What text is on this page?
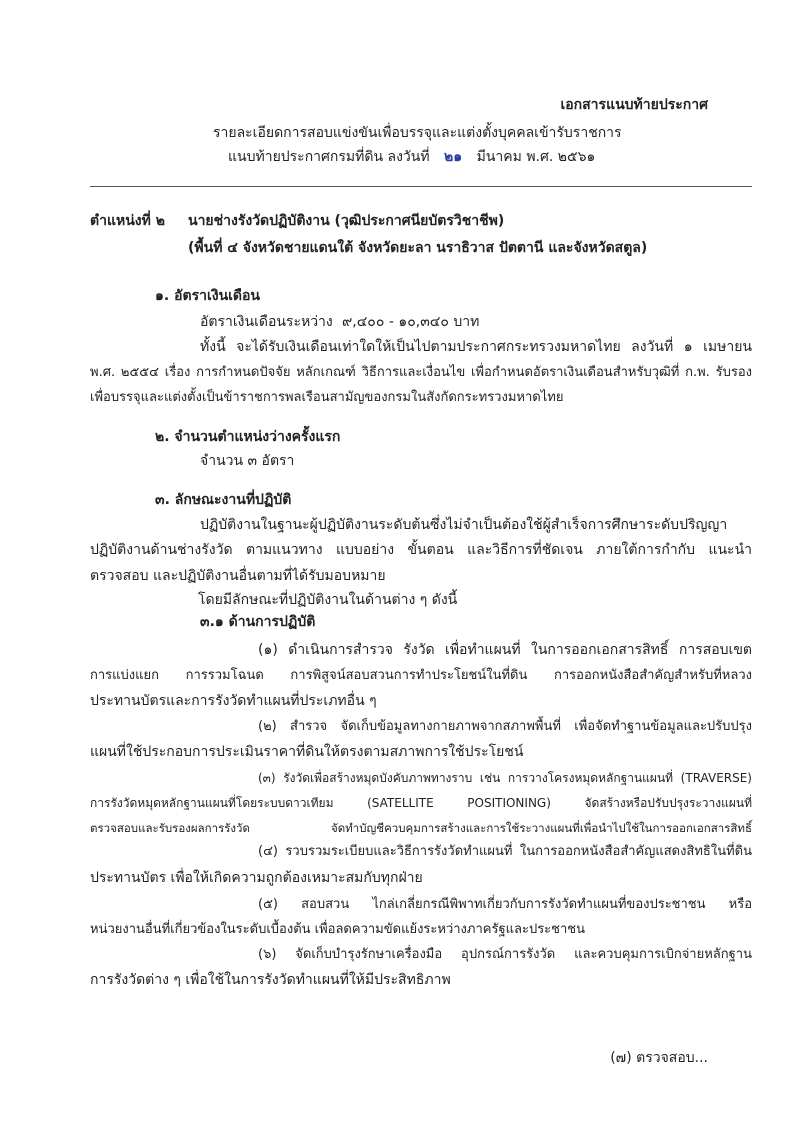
เอกสารแนบท้ายประกาศ
รายละเอียดการสอบแข่งขันเพื่อบรรจุและแต่งตั้งบุคคลเข้ารับราชการ
แนบท้ายประกาศกรมที่ดิน ลงวันที่ ๒๑ มีนาคม พ.ศ. ๒๕๖๑
ตำแหน่งที่ ๒ นายช่างรังวัดปฏิบัติงาน (วุฒิประกาศนียบัตรวิชาชีพ)
(พื้นที่ ๔ จังหวัดชายแดนใต้ จังหวัดยะลา นราธิวาส ปัตตานี และจังหวัดสตูล)
๑. อัตราเงินเดือน
อัตราเงินเดือนระหว่าง ๙,๔๐๐ - ๑๐,๓๔๐ บาท
ทั้งนี้ จะได้รับเงินเดือนเท่าใดให้เป็นไปตามประกาศกระทรวงมหาดไทย ลงวันที่ ๑ เมษายน
พ.ศ. ๒๕๕๔ เรื่อง การกำหนดปัจจัย หลักเกณฑ์ วิธีการและเงื่อนไข เพื่อกำหนดอัตราเงินเดือนสำหรับวุฒิที่ ก.พ. รับรอง
เพื่อบรรจุและแต่งตั้งเป็นข้าราชการพลเรือนสามัญของกรมในสังกัดกระทรวงมหาดไทย
๒. จำนวนตำแหน่งว่างครั้งแรก
จำนวน ๓ อัตรา
๓. ลักษณะงานที่ปฏิบัติ
ปฏิบัติงานในฐานะผู้ปฏิบัติงานระดับต้นซึ่งไม่จำเป็นต้องใช้ผู้สำเร็จการศึกษาระดับปริญญา
ปฏิบัติงานด้านช่างรังวัด ตามแนวทาง แบบอย่าง ขั้นตอน และวิธีการที่ชัดเจน ภายใต้การกำกับ แนะนำ
ตรวจสอบ และปฏิบัติงานอื่นตามที่ได้รับมอบหมาย
โดยมีลักษณะที่ปฏิบัติงานในด้านต่าง ๆ ดังนี้
๓.๑ ด้านการปฏิบัติ
(๑) ดำเนินการสำรวจ รังวัด เพื่อทำแผนที่ ในการออกเอกสารสิทธิ์ การสอบเขต
การแบ่งแยก การรวมโฉนด การพิสูจน์สอบสวนการทำประโยชน์ในที่ดิน การออกหนังสือสำคัญสำหรับที่หลวง
ประทานบัตรและการรังวัดทำแผนที่ประเภทอื่น ๆ
(๒) สำรวจ จัดเก็บข้อมูลทางกายภาพจากสภาพพื้นที่ เพื่อจัดทำฐานข้อมูลและปรับปรุง
แผนที่ใช้ประกอบการประเมินราคาที่ดินให้ตรงตามสภาพการใช้ประโยชน์
(๓) รังวัดเพื่อสร้างหมุดบังคับภาพทางราบ เช่น การวางโครงหมุดหลักฐานแผนที่ (TRAVERSE)
การรังวัดหมุดหลักฐานแผนที่โดยระบบดาวเทียม (SATELLITE POSITIONING) จัดสร้างหรือปรับปรุงระวางแผนที่
ตรวจสอบและรับรองผลการรังวัด จัดทำบัญชีควบคุมการสร้างและการใช้ระวางแผนที่เพื่อนำไปใช้ในการออกเอกสารสิทธิ์
(๔) รวบรวมระเบียบและวิธีการรังวัดทำแผนที่ ในการออกหนังสือสำคัญแสดงสิทธิในที่ดิน
ประทานบัตร เพื่อให้เกิดความถูกต้องเหมาะสมกับทุกฝ่าย
(๕) สอบสวน ไกล่เกลี่ยกรณีพิพาทเกี่ยวกับการรังวัดทำแผนที่ของประชาชน หรือ
หน่วยงานอื่นที่เกี่ยวข้องในระดับเบื้องต้น เพื่อลดความขัดแย้งระหว่างภาครัฐและประชาชน
(๖) จัดเก็บบำรุงรักษาเครื่องมือ อุปกรณ์การรังวัด และควบคุมการเบิกจ่ายหลักฐาน
การรังวัดต่าง ๆ เพื่อใช้ในการรังวัดทำแผนที่ให้มีประสิทธิภาพ
(๗) ตรวจสอบ...
